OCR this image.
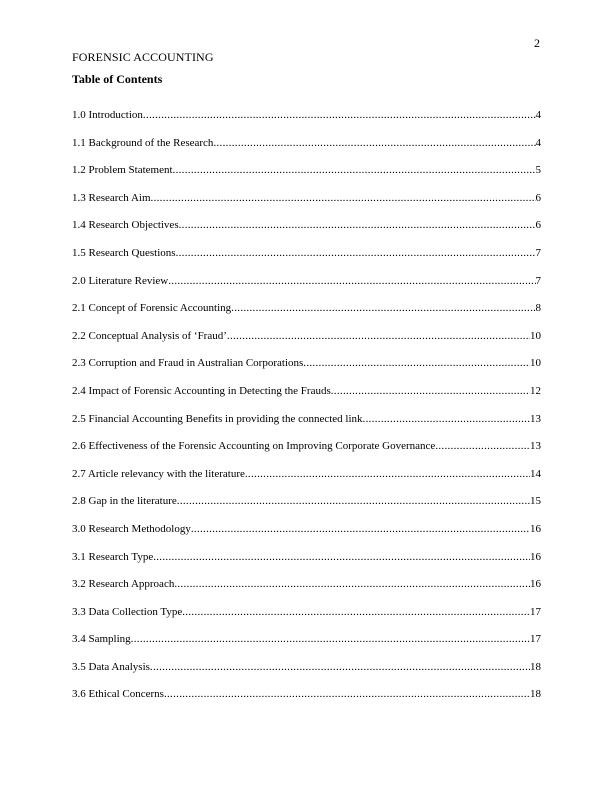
2
FORENSIC ACCOUNTING
Table of Contents
1.0 Introduction .....	4
1.1 Background of the Research .....	4
1.2 Problem Statement .....	5
1.3 Research Aim .....	6
1.4 Research Objectives .....	6
1.5 Research Questions .....	7
2.0 Literature Review .....	7
2.1 Concept of Forensic Accounting .....	8
2.2 Conceptual Analysis of ‘Fraud’ .....	10
2.3 Corruption and Fraud in Australian Corporations .....	10
2.4 Impact of Forensic Accounting in Detecting the Frauds .....	12
2.5 Financial Accounting Benefits in providing the connected link .....	13
2.6 Effectiveness of the Forensic Accounting on Improving Corporate Governance .....	13
2.7 Article relevancy with the literature .....	14
2.8 Gap in the literature .....	15
3.0 Research Methodology .....	16
3.1 Research Type .....	16
3.2 Research Approach .....	16
3.3 Data Collection Type .....	17
3.4 Sampling .....	17
3.5 Data Analysis .....	18
3.6 Ethical Concerns .....	18
